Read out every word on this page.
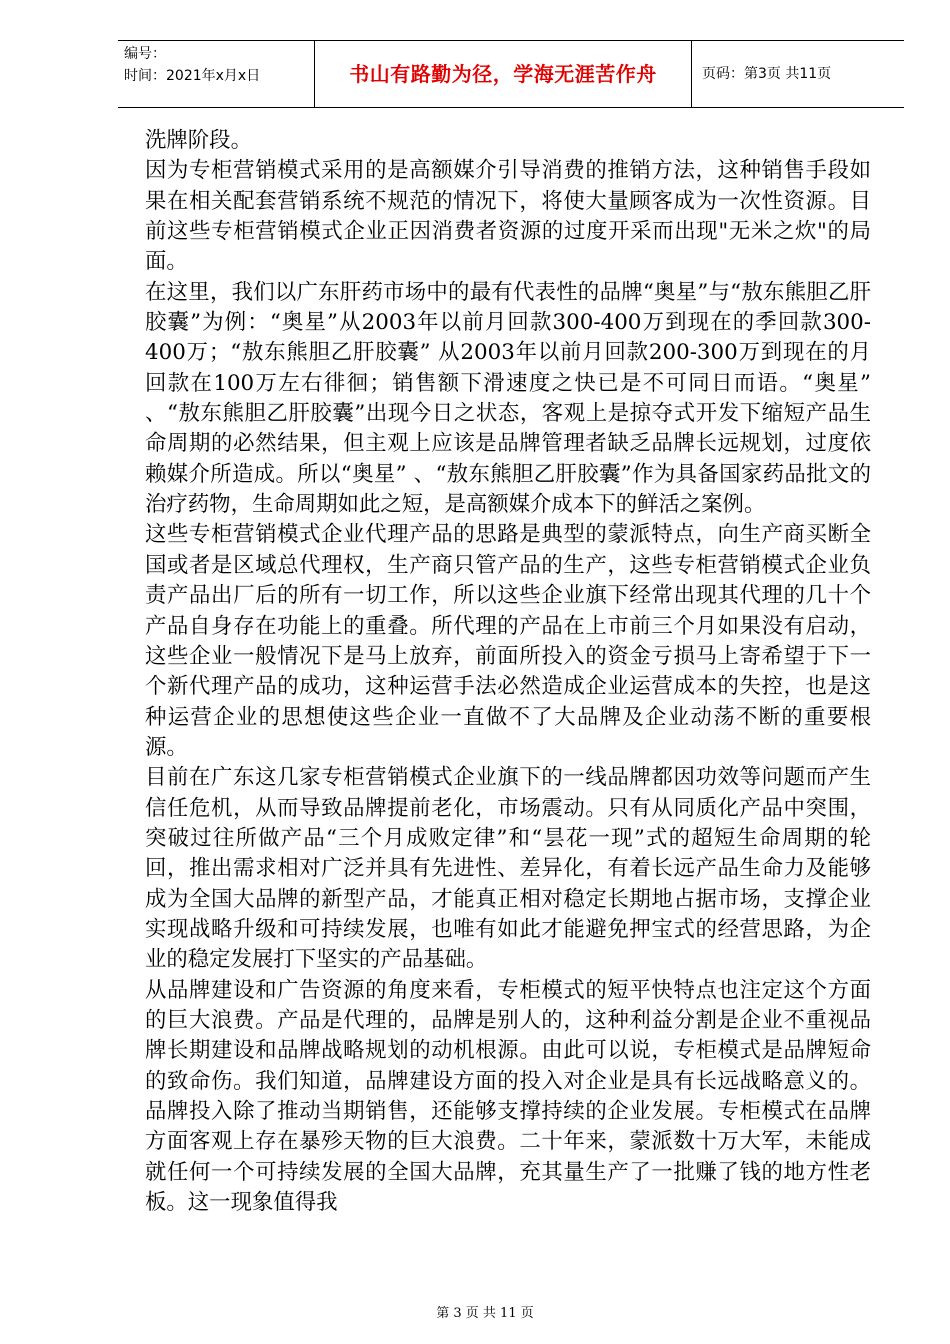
编号：
时间：2021年x月x日	书山有路勤为径，学海无涯苦作舟	页码：第3页 共11页

洗牌阶段。

因为专柜营销模式采用的是高额媒介引导消费的推销方法，这种销售手段如果在相关配套营销系统不规范的情况下，将使大量顾客成为一次性资源。目前这些专柜营销模式企业正因消费者资源的过度开采而出现"无米之炊"的局面。

在这里，我们以广东肝药市场中的最有代表性的品牌“奥星”与“敖东熊胆乙肝胶囊”为例：“奥星”从2003年以前月回款300-400万到现在的季回款300-400万；“敖东熊胆乙肝胶囊” 从2003年以前月回款200-300万到现在的月回款在100万左右徘徊；销售额下滑速度之快已是不可同日而语。“奥星” 、“敖东熊胆乙肝胶囊”出现今日之状态，客观上是掠夺式开发下缩短产品生命周期的必然结果，但主观上应该是品牌管理者缺乏品牌长远规划，过度依赖媒介所造成。所以“奥星” 、“敖东熊胆乙肝胶囊”作为具备国家药品批文的治疗药物，生命周期如此之短，是高额媒介成本下的鲜活之案例。

这些专柜营销模式企业代理产品的思路是典型的蒙派特点，向生产商买断全国或者是区域总代理权，生产商只管产品的生产，这些专柜营销模式企业负责产品出厂后的所有一切工作，所以这些企业旗下经常出现其代理的几十个产品自身存在功能上的重叠。所代理的产品在上市前三个月如果没有启动，这些企业一般情况下是马上放弃，前面所投入的资金亏损马上寄希望于下一个新代理产品的成功，这种运营手法必然造成企业运营成本的失控，也是这种运营企业的思想使这些企业一直做不了大品牌及企业动荡不断的重要根源。

目前在广东这几家专柜营销模式企业旗下的一线品牌都因功效等问题而产生信任危机，从而导致品牌提前老化，市场震动。只有从同质化产品中突围，突破过往所做产品“三个月成败定律”和“昙花一现”式的超短生命周期的轮回，推出需求相对广泛并具有先进性、差异化，有着长远产品生命力及能够成为全国大品牌的新型产品，才能真正相对稳定长期地占据市场，支撑企业实现战略升级和可持续发展，也唯有如此才能避免押宝式的经营思路，为企业的稳定发展打下坚实的产品基础。

从品牌建设和广告资源的角度来看，专柜模式的短平快特点也注定这个方面的巨大浪费。产品是代理的，品牌是别人的，这种利益分割是企业不重视品牌长期建设和品牌战略规划的动机根源。由此可以说，专柜模式是品牌短命的致命伤。我们知道，品牌建设方面的投入对企业是具有长远战略意义的。品牌投入除了推动当期销售，还能够支撑持续的企业发展。专柜模式在品牌方面客观上存在暴殄天物的巨大浪费。二十年来，蒙派数十万大军，未能成就任何一个可持续发展的全国大品牌，充其量生产了一批赚了钱的地方性老板。这一现象值得我

第 3 页 共 11 页
